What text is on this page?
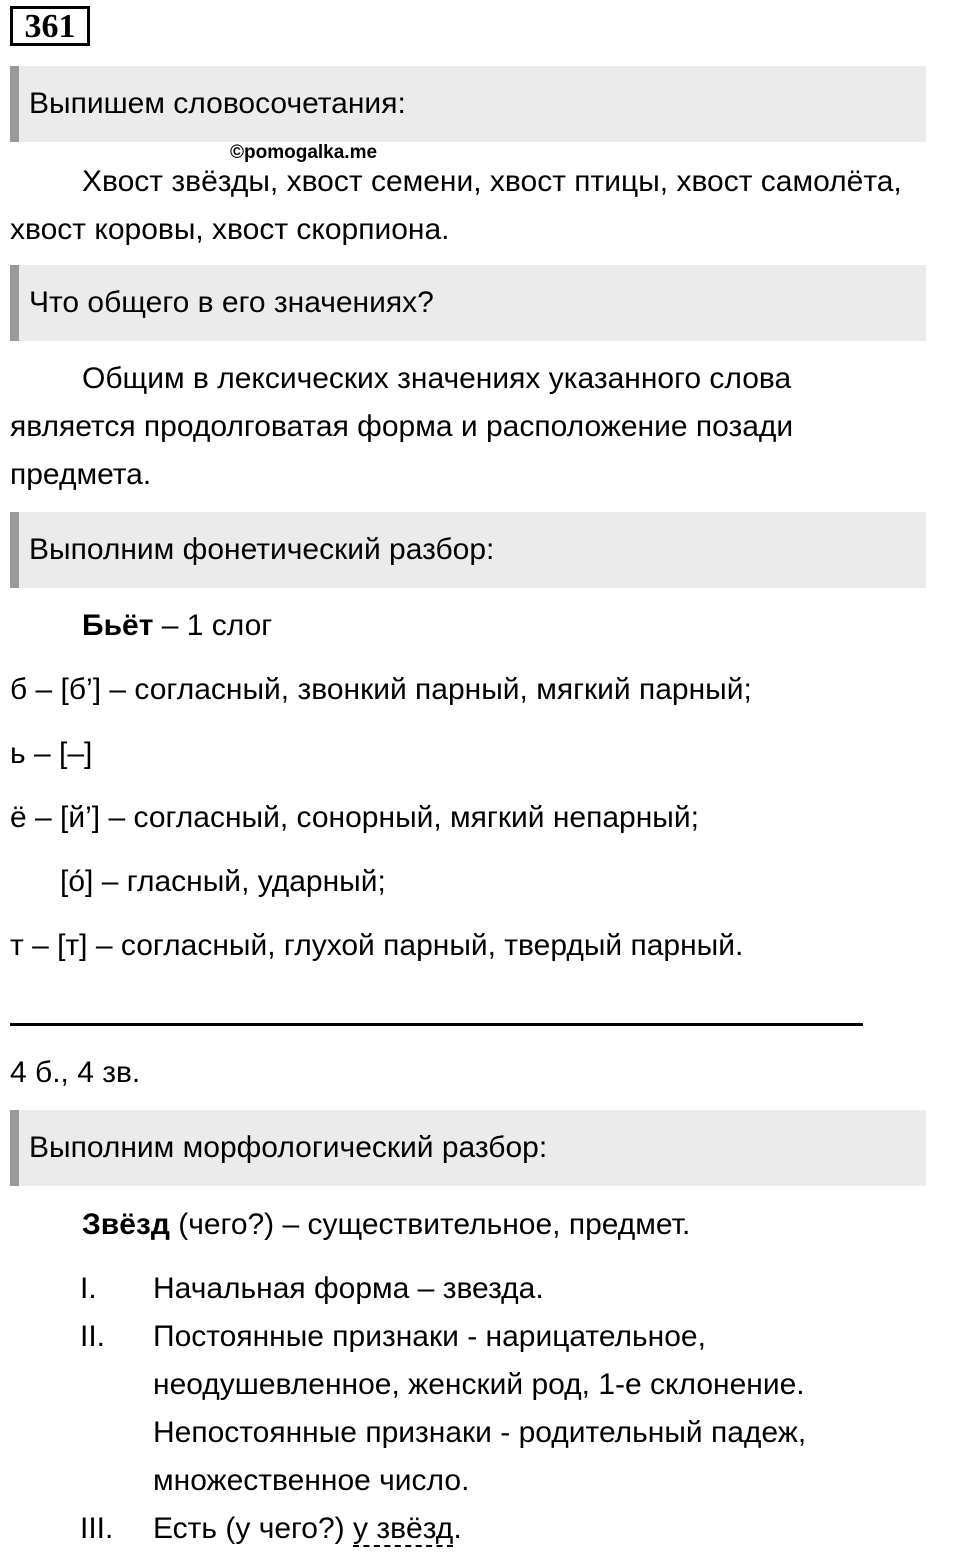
361
Выпишем словосочетания:
©pomogalka.me

Хвост звёзды, хвост семени, хвост птицы, хвост самолёта, хвост коровы, хвост скорпиона.

Что общего в его значениях?

Общим в лексических значениях указанного слова является продолговатая форма и расположение позади предмета.

Выполним фонетический разбор:
Бьёт – 1 слог
б – [б’] – согласный, звонкий парный, мягкий парный;
ь – [–]
ё – [й’] – согласный, сонорный, мягкий непарный;
[о́] – гласный, ударный;
т – [т] – согласный, глухой парный, твердый парный.
4 б., 4 зв.
Выполним морфологический разбор:
Звёзд (чего?) – существительное, предмет.
I. Начальная форма – звезда.
II. Постоянные признаки - нарицательное, неодушевленное, женский род, 1-е склонение. Непостоянные признаки - родительный падеж, множественное число.
III. Есть (у чего?) у звёзд.
